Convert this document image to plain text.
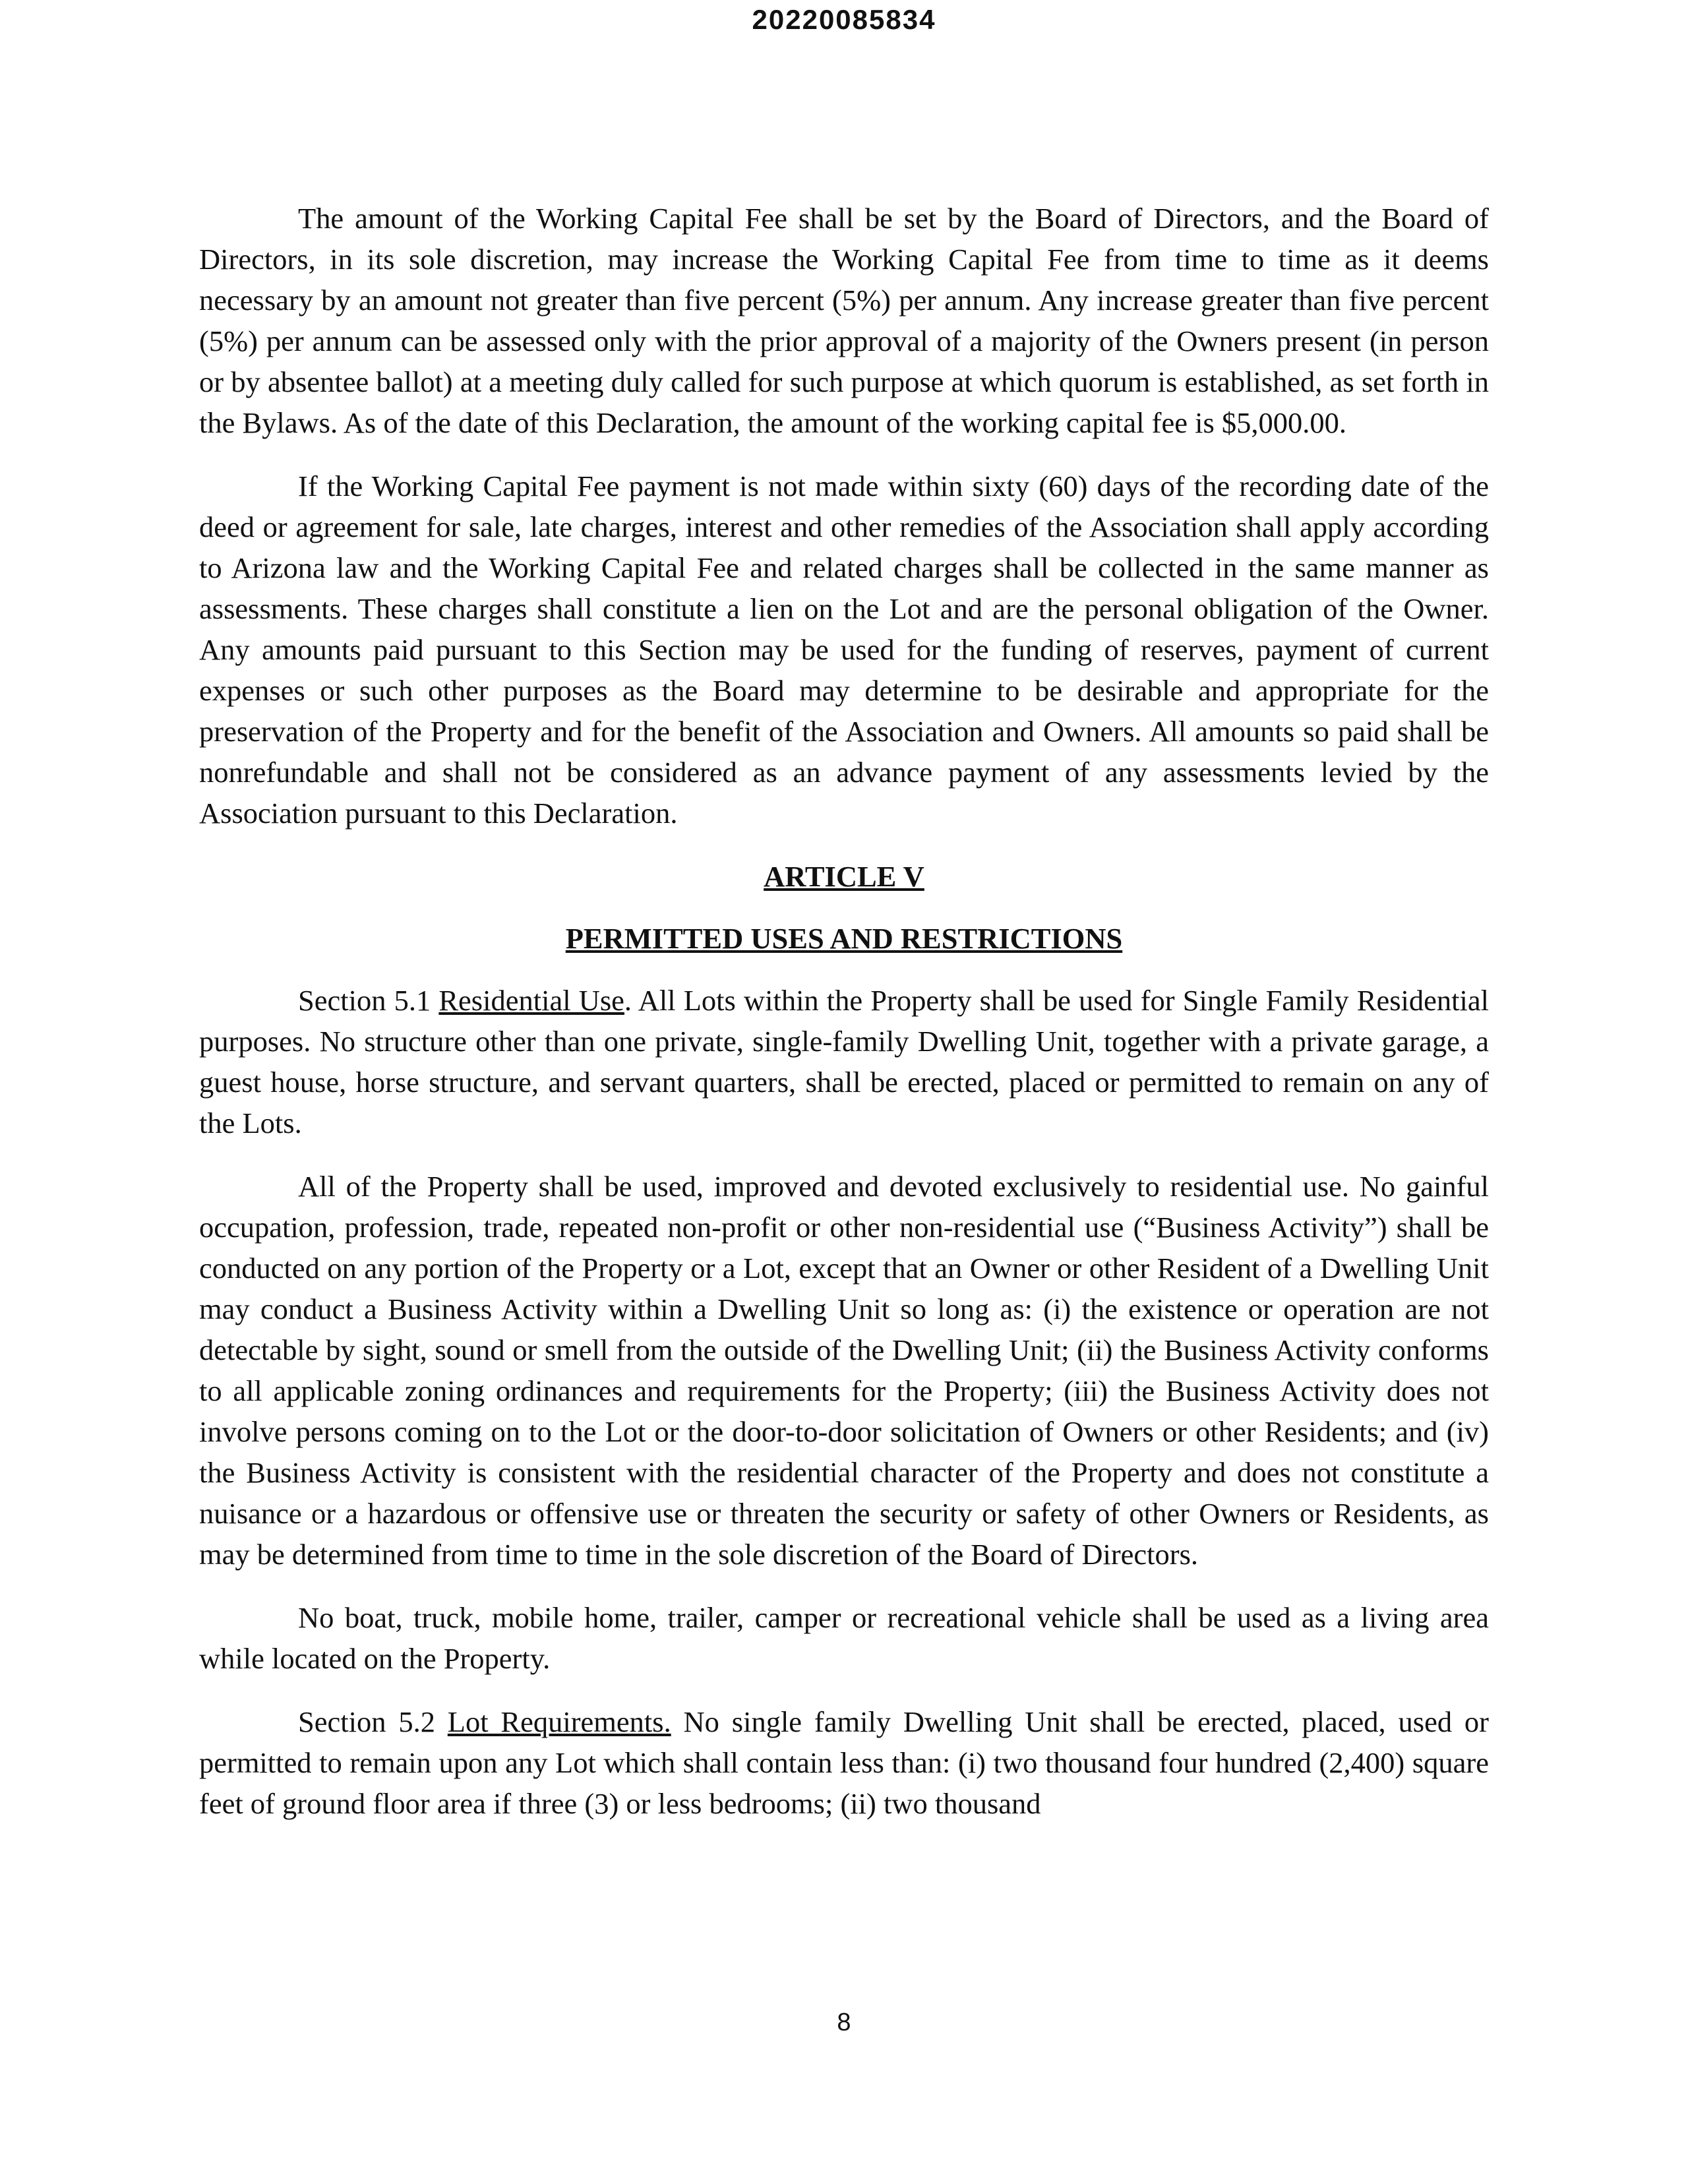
20220085834

The amount of the Working Capital Fee shall be set by the Board of Directors, and the Board of Directors, in its sole discretion, may increase the Working Capital Fee from time to time as it deems necessary by an amount not greater than five percent (5%) per annum. Any increase greater than five percent (5%) per annum can be assessed only with the prior approval of a majority of the Owners present (in person or by absentee ballot) at a meeting duly called for such purpose at which quorum is established, as set forth in the Bylaws. As of the date of this Declaration, the amount of the working capital fee is $5,000.00.

If the Working Capital Fee payment is not made within sixty (60) days of the recording date of the deed or agreement for sale, late charges, interest and other remedies of the Association shall apply according to Arizona law and the Working Capital Fee and related charges shall be collected in the same manner as assessments. These charges shall constitute a lien on the Lot and are the personal obligation of the Owner. Any amounts paid pursuant to this Section may be used for the funding of reserves, payment of current expenses or such other purposes as the Board may determine to be desirable and appropriate for the preservation of the Property and for the benefit of the Association and Owners. All amounts so paid shall be nonrefundable and shall not be considered as an advance payment of any assessments levied by the Association pursuant to this Declaration.

ARTICLE V
PERMITTED USES AND RESTRICTIONS

Section 5.1 Residential Use. All Lots within the Property shall be used for Single Family Residential purposes. No structure other than one private, single-family Dwelling Unit, together with a private garage, a guest house, horse structure, and servant quarters, shall be erected, placed or permitted to remain on any of the Lots.

All of the Property shall be used, improved and devoted exclusively to residential use. No gainful occupation, profession, trade, repeated non-profit or other non-residential use (“Business Activity”) shall be conducted on any portion of the Property or a Lot, except that an Owner or other Resident of a Dwelling Unit may conduct a Business Activity within a Dwelling Unit so long as: (i) the existence or operation are not detectable by sight, sound or smell from the outside of the Dwelling Unit; (ii) the Business Activity conforms to all applicable zoning ordinances and requirements for the Property; (iii) the Business Activity does not involve persons coming on to the Lot or the door-to-door solicitation of Owners or other Residents; and (iv) the Business Activity is consistent with the residential character of the Property and does not constitute a nuisance or a hazardous or offensive use or threaten the security or safety of other Owners or Residents, as may be determined from time to time in the sole discretion of the Board of Directors.

No boat, truck, mobile home, trailer, camper or recreational vehicle shall be used as a living area while located on the Property.

Section 5.2 Lot Requirements. No single family Dwelling Unit shall be erected, placed, used or permitted to remain upon any Lot which shall contain less than: (i) two thousand four hundred (2,400) square feet of ground floor area if three (3) or less bedrooms; (ii) two thousand

8
